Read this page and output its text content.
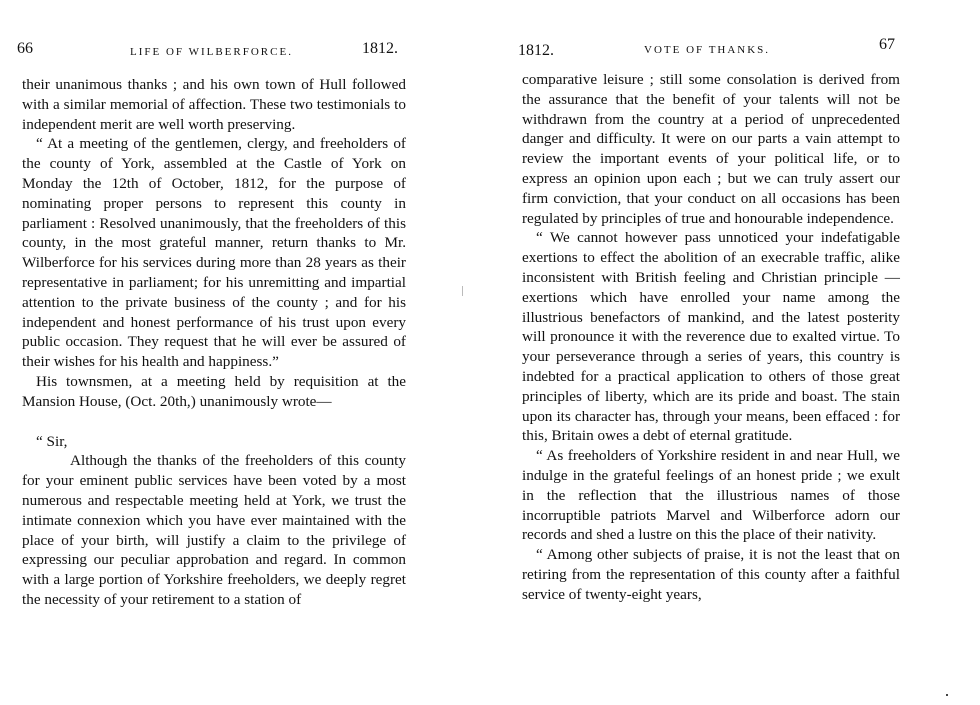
66	LIFE OF WILBERFORCE.	1812.

their unanimous thanks ; and his own town of Hull followed with a similar memorial of affection. These two testimonials to independent merit are well worth preserving.

“ At a meeting of the gentlemen, clergy, and freeholders of the county of York, assembled at the Castle of York on Monday the 12th of October, 1812, for the purpose of nominating proper persons to represent this county in parliament : Resolved unanimously, that the freeholders of this county, in the most grateful manner, return thanks to Mr. Wilberforce for his services during more than 28 years as their representative in parliament; for his unremitting and impartial attention to the private business of the county ; and for his independent and honest performance of his trust upon every public occasion. They request that he will ever be assured of their wishes for his health and happiness.”

His townsmen, at a meeting held by requisition at the Mansion House, (Oct. 20th,) unanimously wrote—

“ Sir,

Although the thanks of the freeholders of this county for your eminent public services have been voted by a most numerous and respectable meeting held at York, we trust the intimate connexion which you have ever maintained with the place of your birth, will justify a claim to the privilege of expressing our peculiar approbation and regard. In common with a large portion of Yorkshire freeholders, we deeply regret the necessity of your retirement to a station of

1812.	VOTE OF THANKS.	67

comparative leisure ; still some consolation is derived from the assurance that the benefit of your talents will not be withdrawn from the country at a period of unprecedented danger and difficulty. It were on our parts a vain attempt to review the important events of your political life, or to express an opinion upon each ; but we can truly assert our firm conviction, that your conduct on all occasions has been regulated by principles of true and honourable independence.

“ We cannot however pass unnoticed your indefatigable exertions to effect the abolition of an execrable traffic, alike inconsistent with British feeling and Christian principle — exertions which have enrolled your name among the illustrious benefactors of mankind, and the latest posterity will pronounce it with the reverence due to exalted virtue. To your perseverance through a series of years, this country is indebted for a practical application to others of those great principles of liberty, which are its pride and boast. The stain upon its character has, through your means, been effaced : for this, Britain owes a debt of eternal gratitude.

“ As freeholders of Yorkshire resident in and near Hull, we indulge in the grateful feelings of an honest pride ; we exult in the reflection that the illustrious names of those incorruptible patriots Marvel and Wilberforce adorn our records and shed a lustre on this the place of their nativity.

“ Among other subjects of praise, it is not the least that on retiring from the representation of this county after a faithful service of twenty-eight years,
